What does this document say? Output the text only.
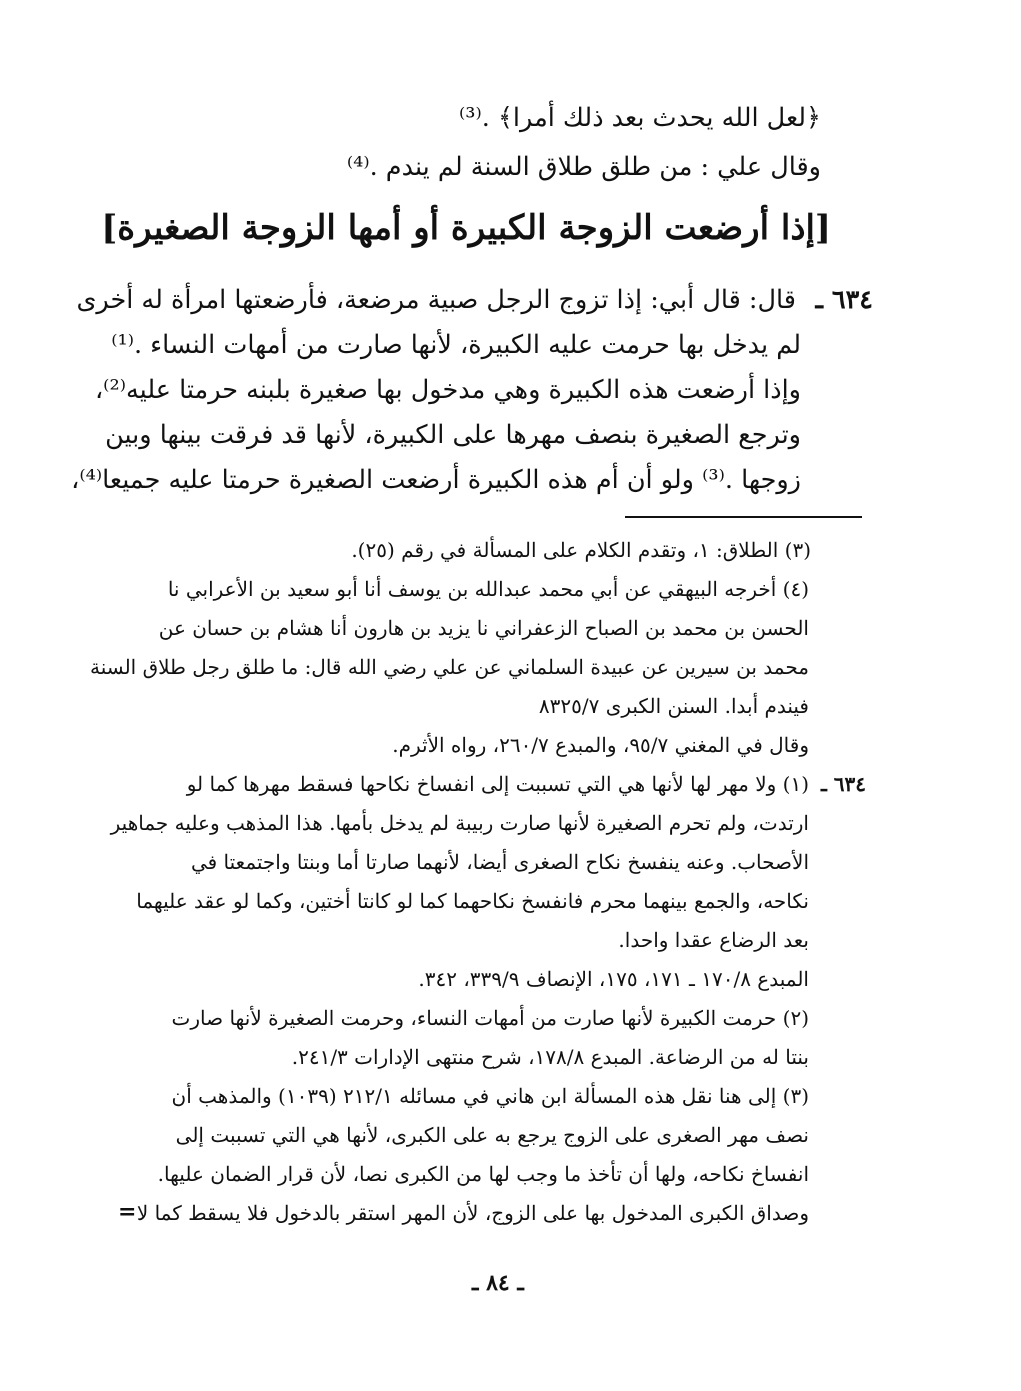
﴿لعل الله يحدث بعد ذلك أمرا﴾ .⁽³⁾
وقال علي : من طلق طلاق السنة لم يندم .⁽⁴⁾
[إذا أرضعت الزوجة الكبيرة أو أمها الزوجة الصغيرة]
٦٣٤ ـ
قال: قال أبي: إذا تزوج الرجل صبية مرضعة، فأرضعتها امرأة له أخرى
لم يدخل بها حرمت عليه الكبيرة، لأنها صارت من أمهات النساء .⁽¹⁾
وإذا أرضعت هذه الكبيرة وهي مدخول بها صغيرة بلبنه حرمتا عليه⁽²⁾،
وترجع الصغيرة بنصف مهرها على الكبيرة، لأنها قد فرقت بينها وبين
زوجها .⁽³⁾ ولو أن أم هذه الكبيرة أرضعت الصغيرة حرمتا عليه جميعا⁽⁴⁾،
(٣) الطلاق: ١، وتقدم الكلام على المسألة في رقم (٢٥).
(٤) أخرجه البيهقي عن أبي محمد عبدالله بن يوسف أنا أبو سعيد بن الأعرابي نا
الحسن بن محمد بن الصباح الزعفراني نا يزيد بن هارون أنا هشام بن حسان عن
محمد بن سيرين عن عبيدة السلماني عن علي رضي الله قال: ما طلق رجل طلاق السنة
فيندم أبدا. السنن الكبرى ٨٣٢٥/٧
وقال في المغني ٩٥/٧، والمبدع ٢٦٠/٧، رواه الأثرم.
٦٣٤ ـ
(١) ولا مهر لها لأنها هي التي تسببت إلى انفساخ نكاحها فسقط مهرها كما لو
ارتدت، ولم تحرم الصغيرة لأنها صارت ربيبة لم يدخل بأمها. هذا المذهب وعليه جماهير
الأصحاب. وعنه ينفسخ نكاح الصغرى أيضا، لأنهما صارتا أما وبنتا واجتمعتا في
نكاحه، والجمع بينهما محرم فانفسخ نكاحهما كما لو كانتا أختين، وكما لو عقد عليهما
بعد الرضاع عقدا واحدا.
المبدع ١٧٠/٨ ـ ١٧١، ١٧٥، الإنصاف ٣٣٩/٩، ٣٤٢.
(٢) حرمت الكبيرة لأنها صارت من أمهات النساء، وحرمت الصغيرة لأنها صارت
بنتا له من الرضاعة. المبدع ١٧٨/٨، شرح منتهى الإدارات ٢٤١/٣.
(٣) إلى هنا نقل هذه المسألة ابن هاني في مسائله ٢١٢/١ (١٠٣٩) والمذهب أن
نصف مهر الصغرى على الزوج يرجع به على الكبرى، لأنها هي التي تسببت إلى
انفساخ نكاحه، ولها أن تأخذ ما وجب لها من الكبرى نصا، لأن قرار الضمان عليها.
وصداق الكبرى المدخول بها على الزوج، لأن المهر استقر بالدخول فلا يسقط كما لا
=
ـ ٨٤ ـ
